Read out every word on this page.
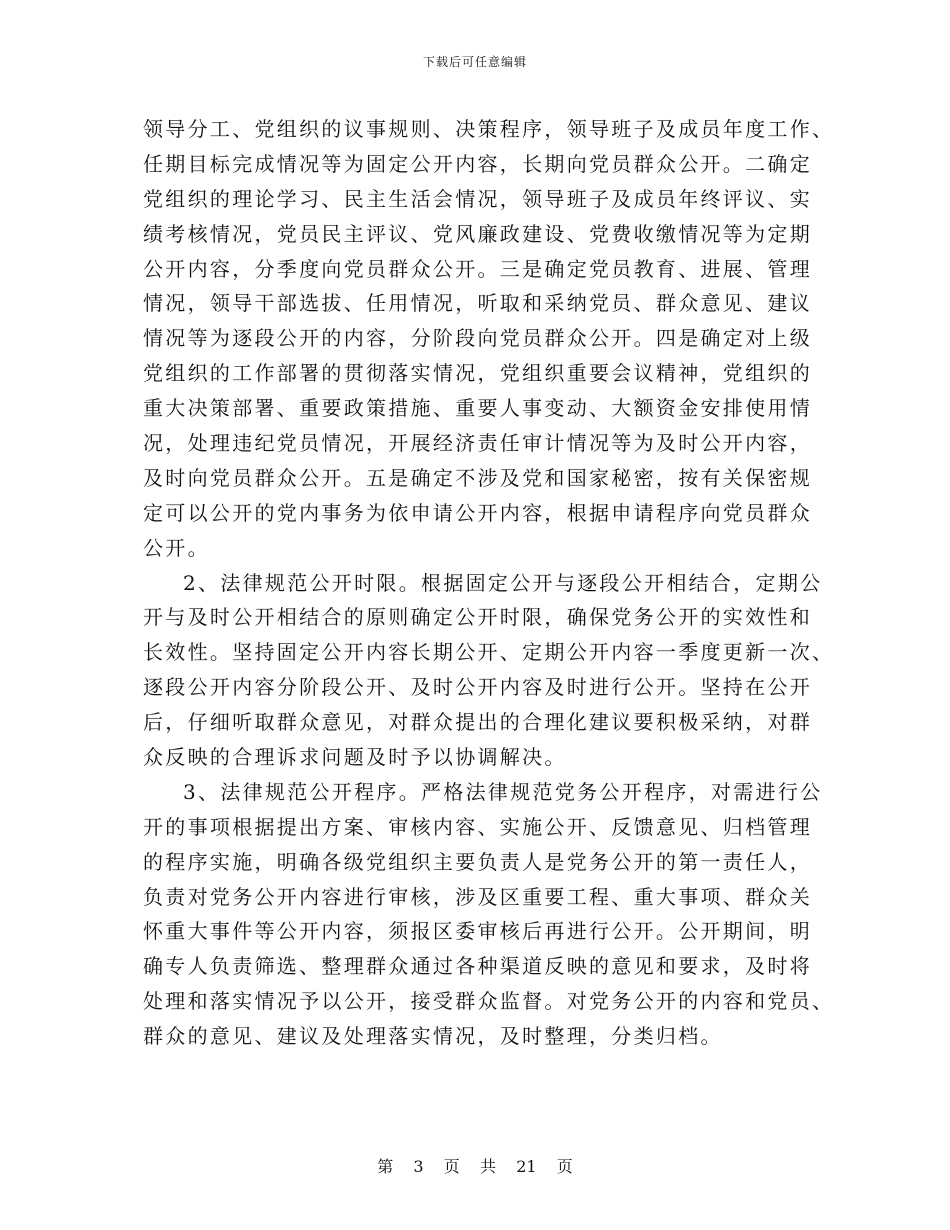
下载后可任意编辑
领导分工、党组织的议事规则、决策程序，领导班子及成员年度工作、
任期目标完成情况等为固定公开内容，长期向党员群众公开。二确定
党组织的理论学习、民主生活会情况，领导班子及成员年终评议、实
绩考核情况，党员民主评议、党风廉政建设、党费收缴情况等为定期
公开内容，分季度向党员群众公开。三是确定党员教育、进展、管理
情况，领导干部选拔、任用情况，听取和采纳党员、群众意见、建议
情况等为逐段公开的内容，分阶段向党员群众公开。四是确定对上级
党组织的工作部署的贯彻落实情况，党组织重要会议精神，党组织的
重大决策部署、重要政策措施、重要人事变动、大额资金安排使用情
况，处理违纪党员情况，开展经济责任审计情况等为及时公开内容，
及时向党员群众公开。五是确定不涉及党和国家秘密，按有关保密规
定可以公开的党内事务为依申请公开内容，根据申请程序向党员群众
公开。
2、法律规范公开时限。根据固定公开与逐段公开相结合，定期公
开与及时公开相结合的原则确定公开时限，确保党务公开的实效性和
长效性。坚持固定公开内容长期公开、定期公开内容一季度更新一次、
逐段公开内容分阶段公开、及时公开内容及时进行公开。坚持在公开
后，仔细听取群众意见，对群众提出的合理化建议要积极采纳，对群
众反映的合理诉求问题及时予以协调解决。
3、法律规范公开程序。严格法律规范党务公开程序，对需进行公
开的事项根据提出方案、审核内容、实施公开、反馈意见、归档管理
的程序实施，明确各级党组织主要负责人是党务公开的第一责任人，
负责对党务公开内容进行审核，涉及区重要工程、重大事项、群众关
怀重大事件等公开内容，须报区委审核后再进行公开。公开期间，明
确专人负责筛选、整理群众通过各种渠道反映的意见和要求，及时将
处理和落实情况予以公开，接受群众监督。对党务公开的内容和党员、
群众的意见、建议及处理落实情况，及时整理，分类归档。
第 3 页 共 21 页
